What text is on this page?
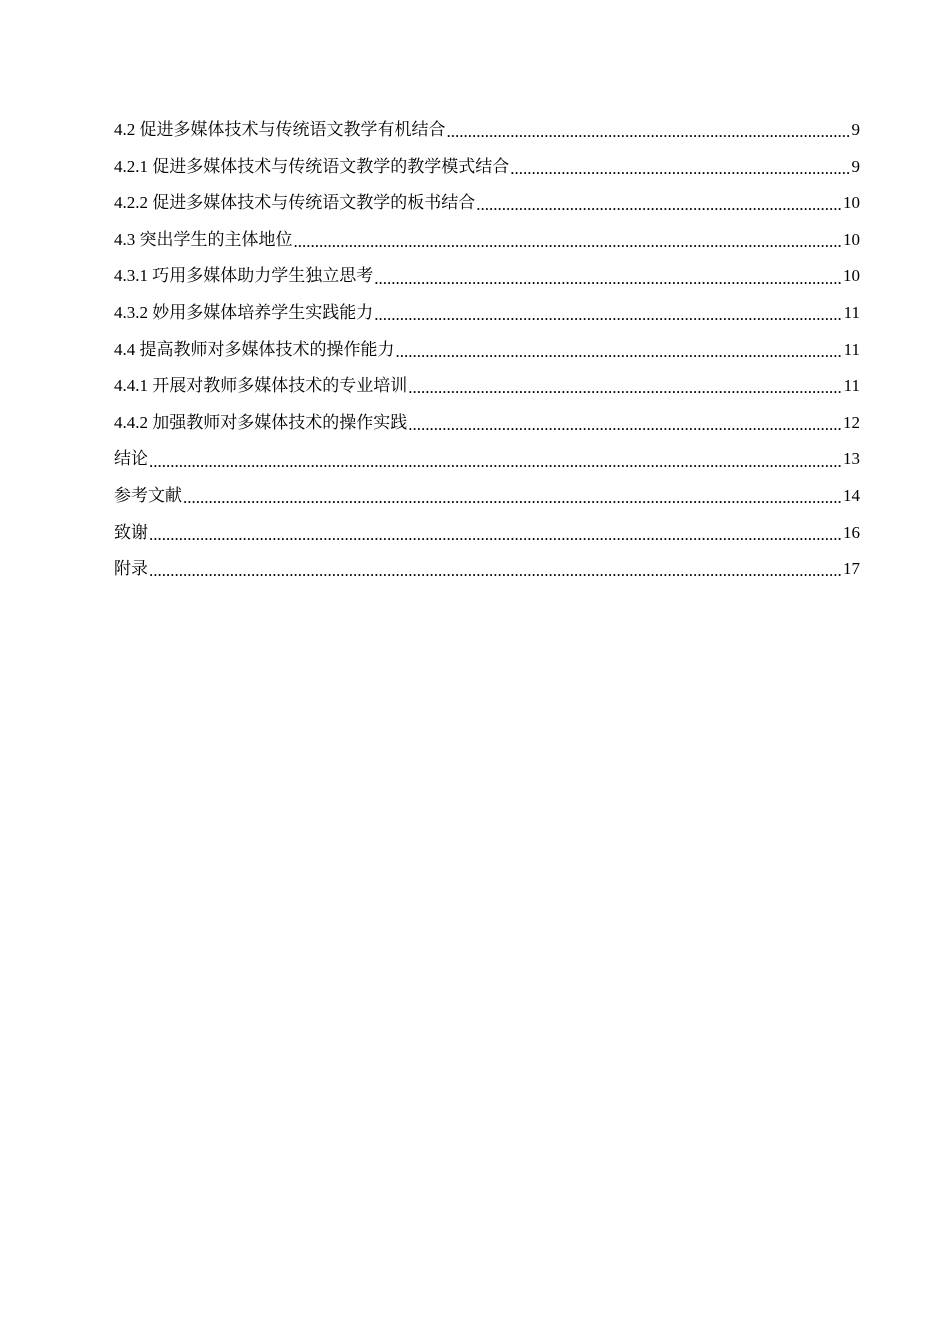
4.2 促进多媒体技术与传统语文教学有机结合 .....	9
4.2.1 促进多媒体技术与传统语文教学的教学模式结合 .....	9
4.2.2 促进多媒体技术与传统语文教学的板书结合 .....	10
4.3 突出学生的主体地位 .....	10
4.3.1 巧用多媒体助力学生独立思考 .....	10
4.3.2 妙用多媒体培养学生实践能力 .....	11
4.4 提高教师对多媒体技术的操作能力 .....	11
4.4.1 开展对教师多媒体技术的专业培训 .....	11
4.4.2 加强教师对多媒体技术的操作实践 .....	12
结论 .....	13
参考文献 .....	14
致谢 .....	16
附录 .....	17
